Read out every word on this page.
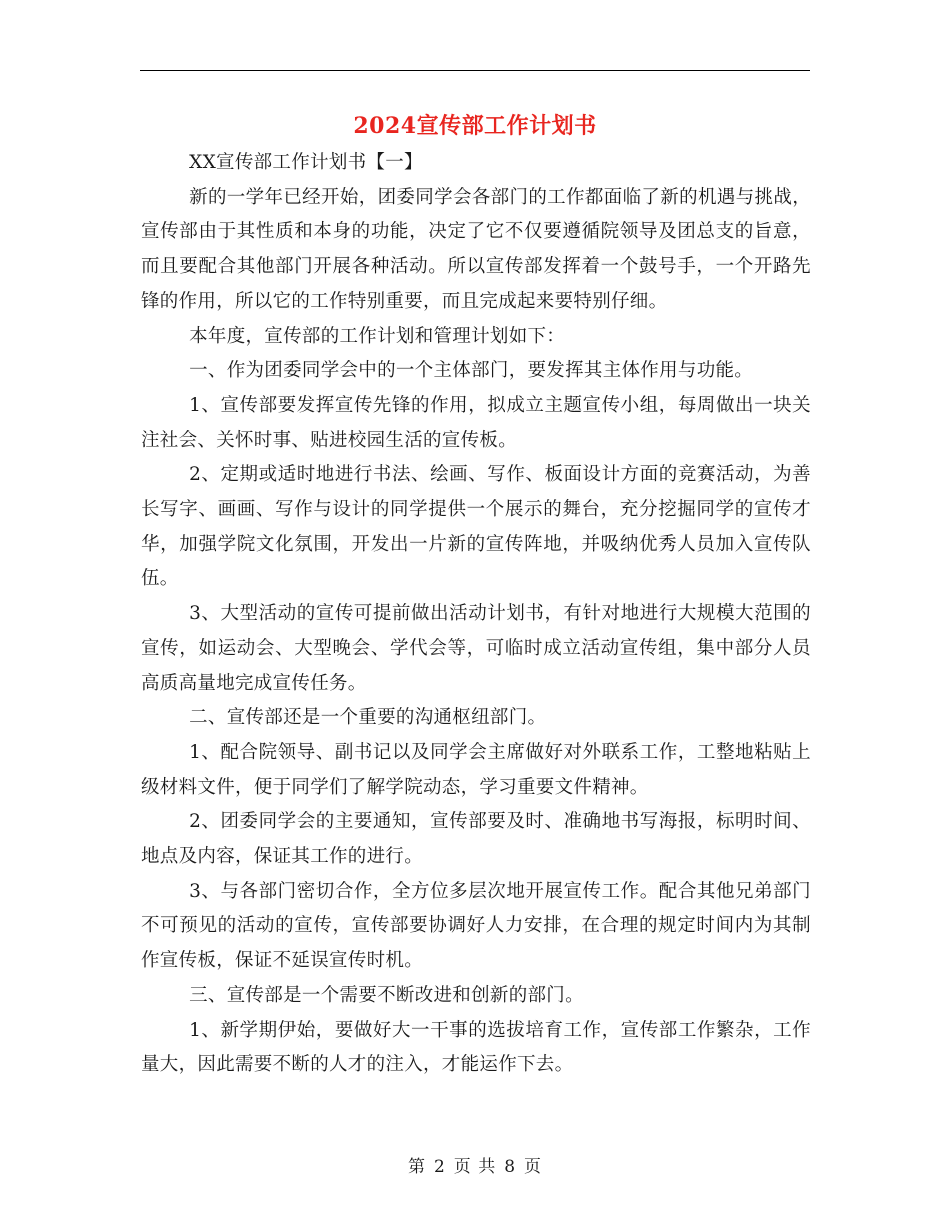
2024宣传部工作计划书

XX宣传部工作计划书【一】

新的一学年已经开始，团委同学会各部门的工作都面临了新的机遇与挑战，宣传部由于其性质和本身的功能，决定了它不仅要遵循院领导及团总支的旨意，而且要配合其他部门开展各种活动。所以宣传部发挥着一个鼓号手，一个开路先锋的作用，所以它的工作特别重要，而且完成起来要特别仔细。

本年度，宣传部的工作计划和管理计划如下：

一、作为团委同学会中的一个主体部门，要发挥其主体作用与功能。

1、宣传部要发挥宣传先锋的作用，拟成立主题宣传小组，每周做出一块关注社会、关怀时事、贴进校园生活的宣传板。

2、定期或适时地进行书法、绘画、写作、板面设计方面的竞赛活动，为善长写字、画画、写作与设计的同学提供一个展示的舞台，充分挖掘同学的宣传才华，加强学院文化氛围，开发出一片新的宣传阵地，并吸纳优秀人员加入宣传队伍。

3、大型活动的宣传可提前做出活动计划书，有针对地进行大规模大范围的宣传，如运动会、大型晚会、学代会等，可临时成立活动宣传组，集中部分人员高质高量地完成宣传任务。

二、宣传部还是一个重要的沟通枢纽部门。

1、配合院领导、副书记以及同学会主席做好对外联系工作，工整地粘贴上级材料文件，便于同学们了解学院动态，学习重要文件精神。

2、团委同学会的主要通知，宣传部要及时、准确地书写海报，标明时间、地点及内容，保证其工作的进行。

3、与各部门密切合作，全方位多层次地开展宣传工作。配合其他兄弟部门不可预见的活动的宣传，宣传部要协调好人力安排，在合理的规定时间内为其制作宣传板，保证不延误宣传时机。

三、宣传部是一个需要不断改进和创新的部门。

1、新学期伊始，要做好大一干事的选拔培育工作，宣传部工作繁杂，工作量大，因此需要不断的人才的注入，才能运作下去。

第 2 页 共 8 页
